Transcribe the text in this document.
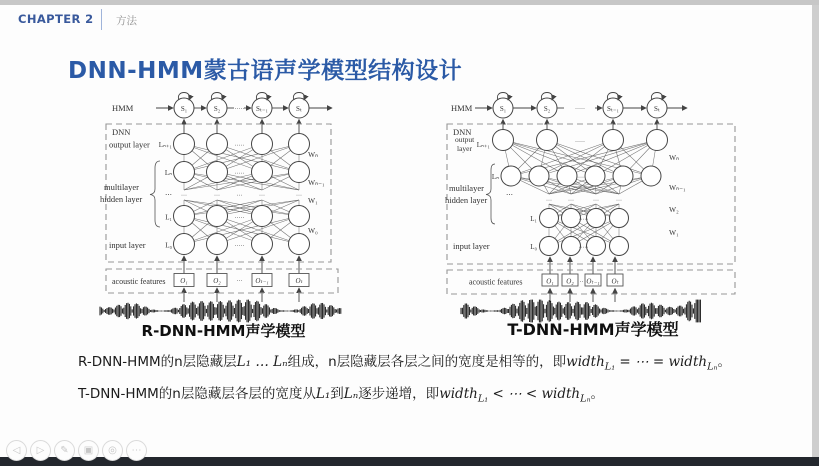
CHAPTER 2 方法
DNN-HMM蒙古语声学模型结构设计
···	···	···	···	···
HMM
DNN
output layer Lₙ₊₁
Lₙ
⋯
L₁
multilayer
hidden layer
input layer	L₀
acoustic features
S₁	S₂	Sₜ₋₁	Sₜ
Wₙ
Wₙ₋₁
W₁
W₀
O₁	O₂	Oₜ₋₁	Oₜ
·····
·····
·····
·····
·····
···
···	···	···	···
HMM
DNN
output
layer Lₙ₊₁
Lₙ
⋯
L₁
multilayer
hidden layer
input layer	L₀
acoustic features
S₁	S₂	Sₜ₋₁	Sₜ
Wₙ
Wₙ₋₁
W₂
W₁
O₁ O₂ Oₜ₋₁ Oₜ
·····
·····
·····
·····
·····
··
R-DNN-HMM声学模型	T-DNN-HMM声学模型

R-DNN-HMM的n层隐藏层L₁ … Lₙ组成，n层隐藏层各层之间的宽度是相等的，即width$_{L_1}$ = ⋯ = width$_{L_n}$。

T-DNN-HMM的n层隐藏层各层的宽度从L₁到Lₙ逐步递增，即width$_{L_1}$ < ⋯ < width$_{L_n}$。

◁ ▷ ✎ ▣ ◎ ⋯
